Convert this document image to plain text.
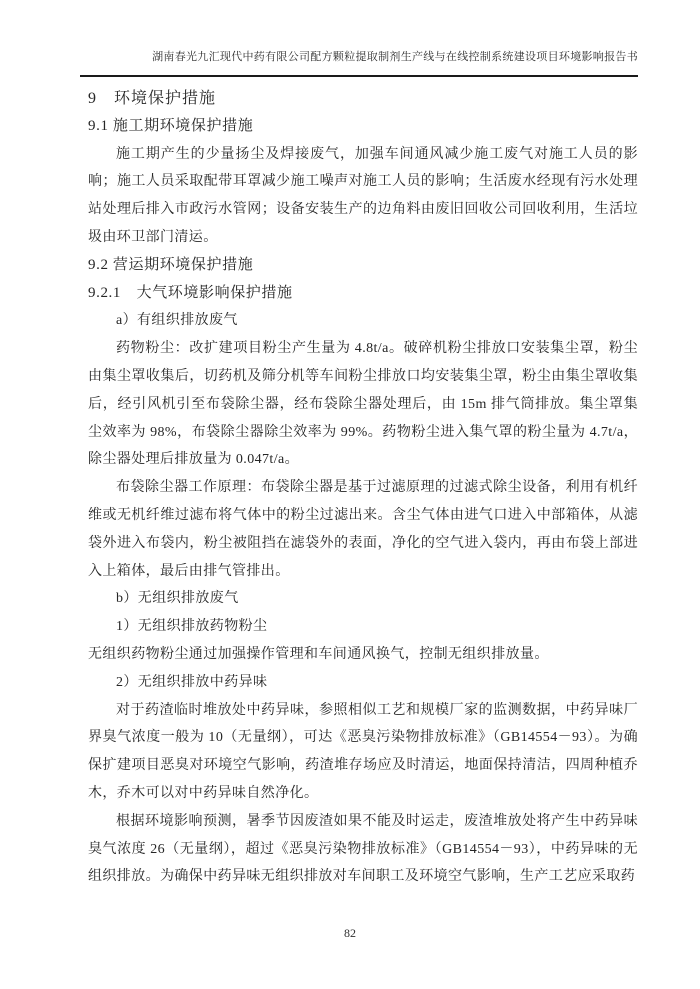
湖南春光九汇现代中药有限公司配方颗粒提取制剂生产线与在线控制系统建设项目环境影响报告书

9　环境保护措施

9.1 施工期环境保护措施

施工期产生的少量扬尘及焊接废气，加强车间通风减少施工废气对施工人员的影响；施工人员采取配带耳罩减少施工噪声对施工人员的影响；生活废水经现有污水处理站处理后排入市政污水管网；设备安装生产的边角料由废旧回收公司回收利用，生活垃圾由环卫部门清运。

9.2 营运期环境保护措施

9.2.1　大气环境影响保护措施

a）有组织排放废气

药物粉尘：改扩建项目粉尘产生量为 4.8t/a。破碎机粉尘排放口安装集尘罩，粉尘由集尘罩收集后，切药机及筛分机等车间粉尘排放口均安装集尘罩，粉尘由集尘罩收集后，经引风机引至布袋除尘器，经布袋除尘器处理后，由 15m 排气筒排放。集尘罩集尘效率为 98%，布袋除尘器除尘效率为 99%。药物粉尘进入集气罩的粉尘量为 4.7t/a，除尘器处理后排放量为 0.047t/a。

布袋除尘器工作原理：布袋除尘器是基于过滤原理的过滤式除尘设备，利用有机纤维或无机纤维过滤布将气体中的粉尘过滤出来。含尘气体由进气口进入中部箱体，从滤袋外进入布袋内，粉尘被阻挡在滤袋外的表面，净化的空气进入袋内，再由布袋上部进入上箱体，最后由排气管排出。

b）无组织排放废气

1）无组织排放药物粉尘

无组织药物粉尘通过加强操作管理和车间通风换气，控制无组织排放量。

2）无组织排放中药异味

对于药渣临时堆放处中药异味，参照相似工艺和规模厂家的监测数据，中药异味厂界臭气浓度一般为 10（无量纲），可达《恶臭污染物排放标准》（GB14554－93）。为确保扩建项目恶臭对环境空气影响，药渣堆存场应及时清运，地面保持清洁，四周种植乔木，乔木可以对中药异味自然净化。

根据环境影响预测，暑季节因废渣如果不能及时运走，废渣堆放处将产生中药异味臭气浓度 26（无量纲），超过《恶臭污染物排放标准》（GB14554－93），中药异味的无组织排放。为确保中药异味无组织排放对车间职工及环境空气影响，生产工艺应采取药

82
